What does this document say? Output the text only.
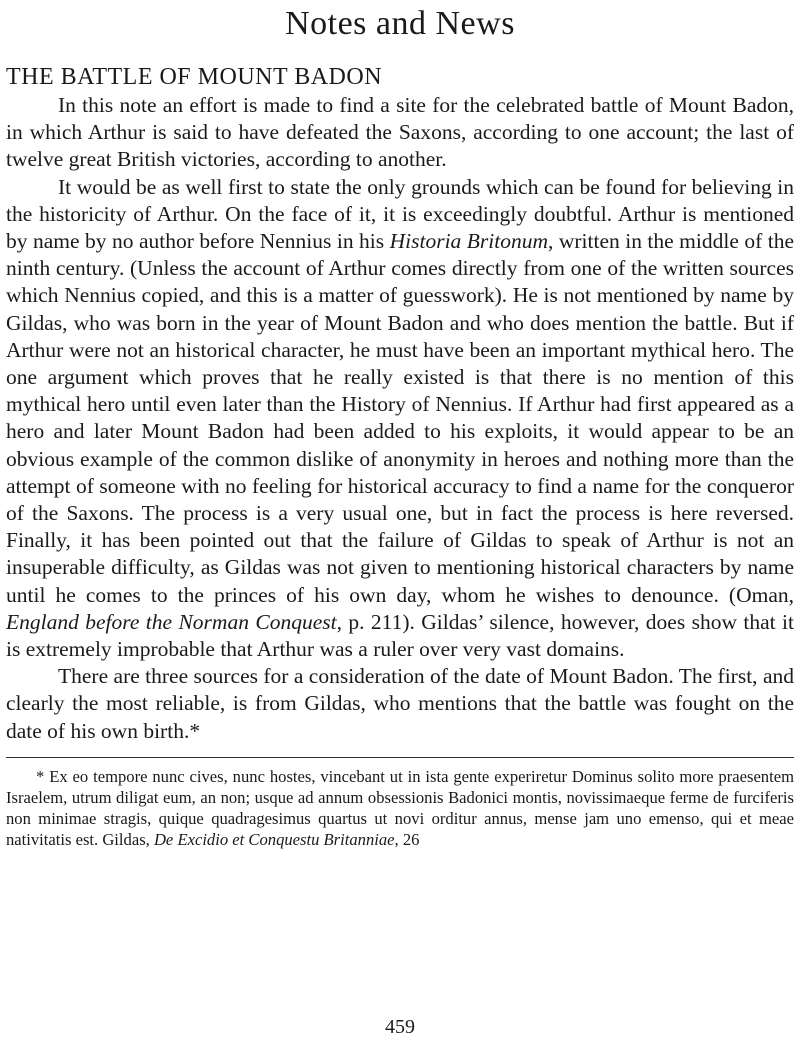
Notes and News
THE BATTLE OF MOUNT BADON

In this note an effort is made to find a site for the celebrated battle of Mount Badon, in which Arthur is said to have defeated the Saxons, according to one account; the last of twelve great British victories, according to another.

It would be as well first to state the only grounds which can be found for believing in the historicity of Arthur. On the face of it, it is exceedingly doubtful. Arthur is mentioned by name by no author before Nennius in his Historia Britonum, written in the middle of the ninth century. (Unless the account of Arthur comes directly from one of the written sources which Nennius copied, and this is a matter of guesswork). He is not mentioned by name by Gildas, who was born in the year of Mount Badon and who does mention the battle. But if Arthur were not an historical character, he must have been an important mythical hero. The one argument which proves that he really existed is that there is no mention of this mythical hero until even later than the History of Nennius. If Arthur had first appeared as a hero and later Mount Badon had been added to his exploits, it would appear to be an obvious example of the common dislike of anonymity in heroes and nothing more than the attempt of someone with no feeling for historical accuracy to find a name for the conqueror of the Saxons. The process is a very usual one, but in fact the process is here reversed. Finally, it has been pointed out that the failure of Gildas to speak of Arthur is not an insuperable difficulty, as Gildas was not given to mentioning historical characters by name until he comes to the princes of his own day, whom he wishes to denounce. (Oman, England before the Norman Conquest, p. 211). Gildas’ silence, however, does show that it is extremely improbable that Arthur was a ruler over very vast domains.

There are three sources for a consideration of the date of Mount Badon. The first, and clearly the most reliable, is from Gildas, who mentions that the battle was fought on the date of his own birth.*

* Ex eo tempore nunc cives, nunc hostes, vincebant ut in ista gente experiretur Dominus solito more praesentem Israelem, utrum diligat eum, an non; usque ad annum obsessionis Badonici montis, novissimaeque ferme de furciferis non minimae stragis, quique quadragesimus quartus ut novi orditur annus, mense jam uno emenso, qui et meae nativitatis est. Gildas, De Excidio et Conquestu Britanniae, 26

459
